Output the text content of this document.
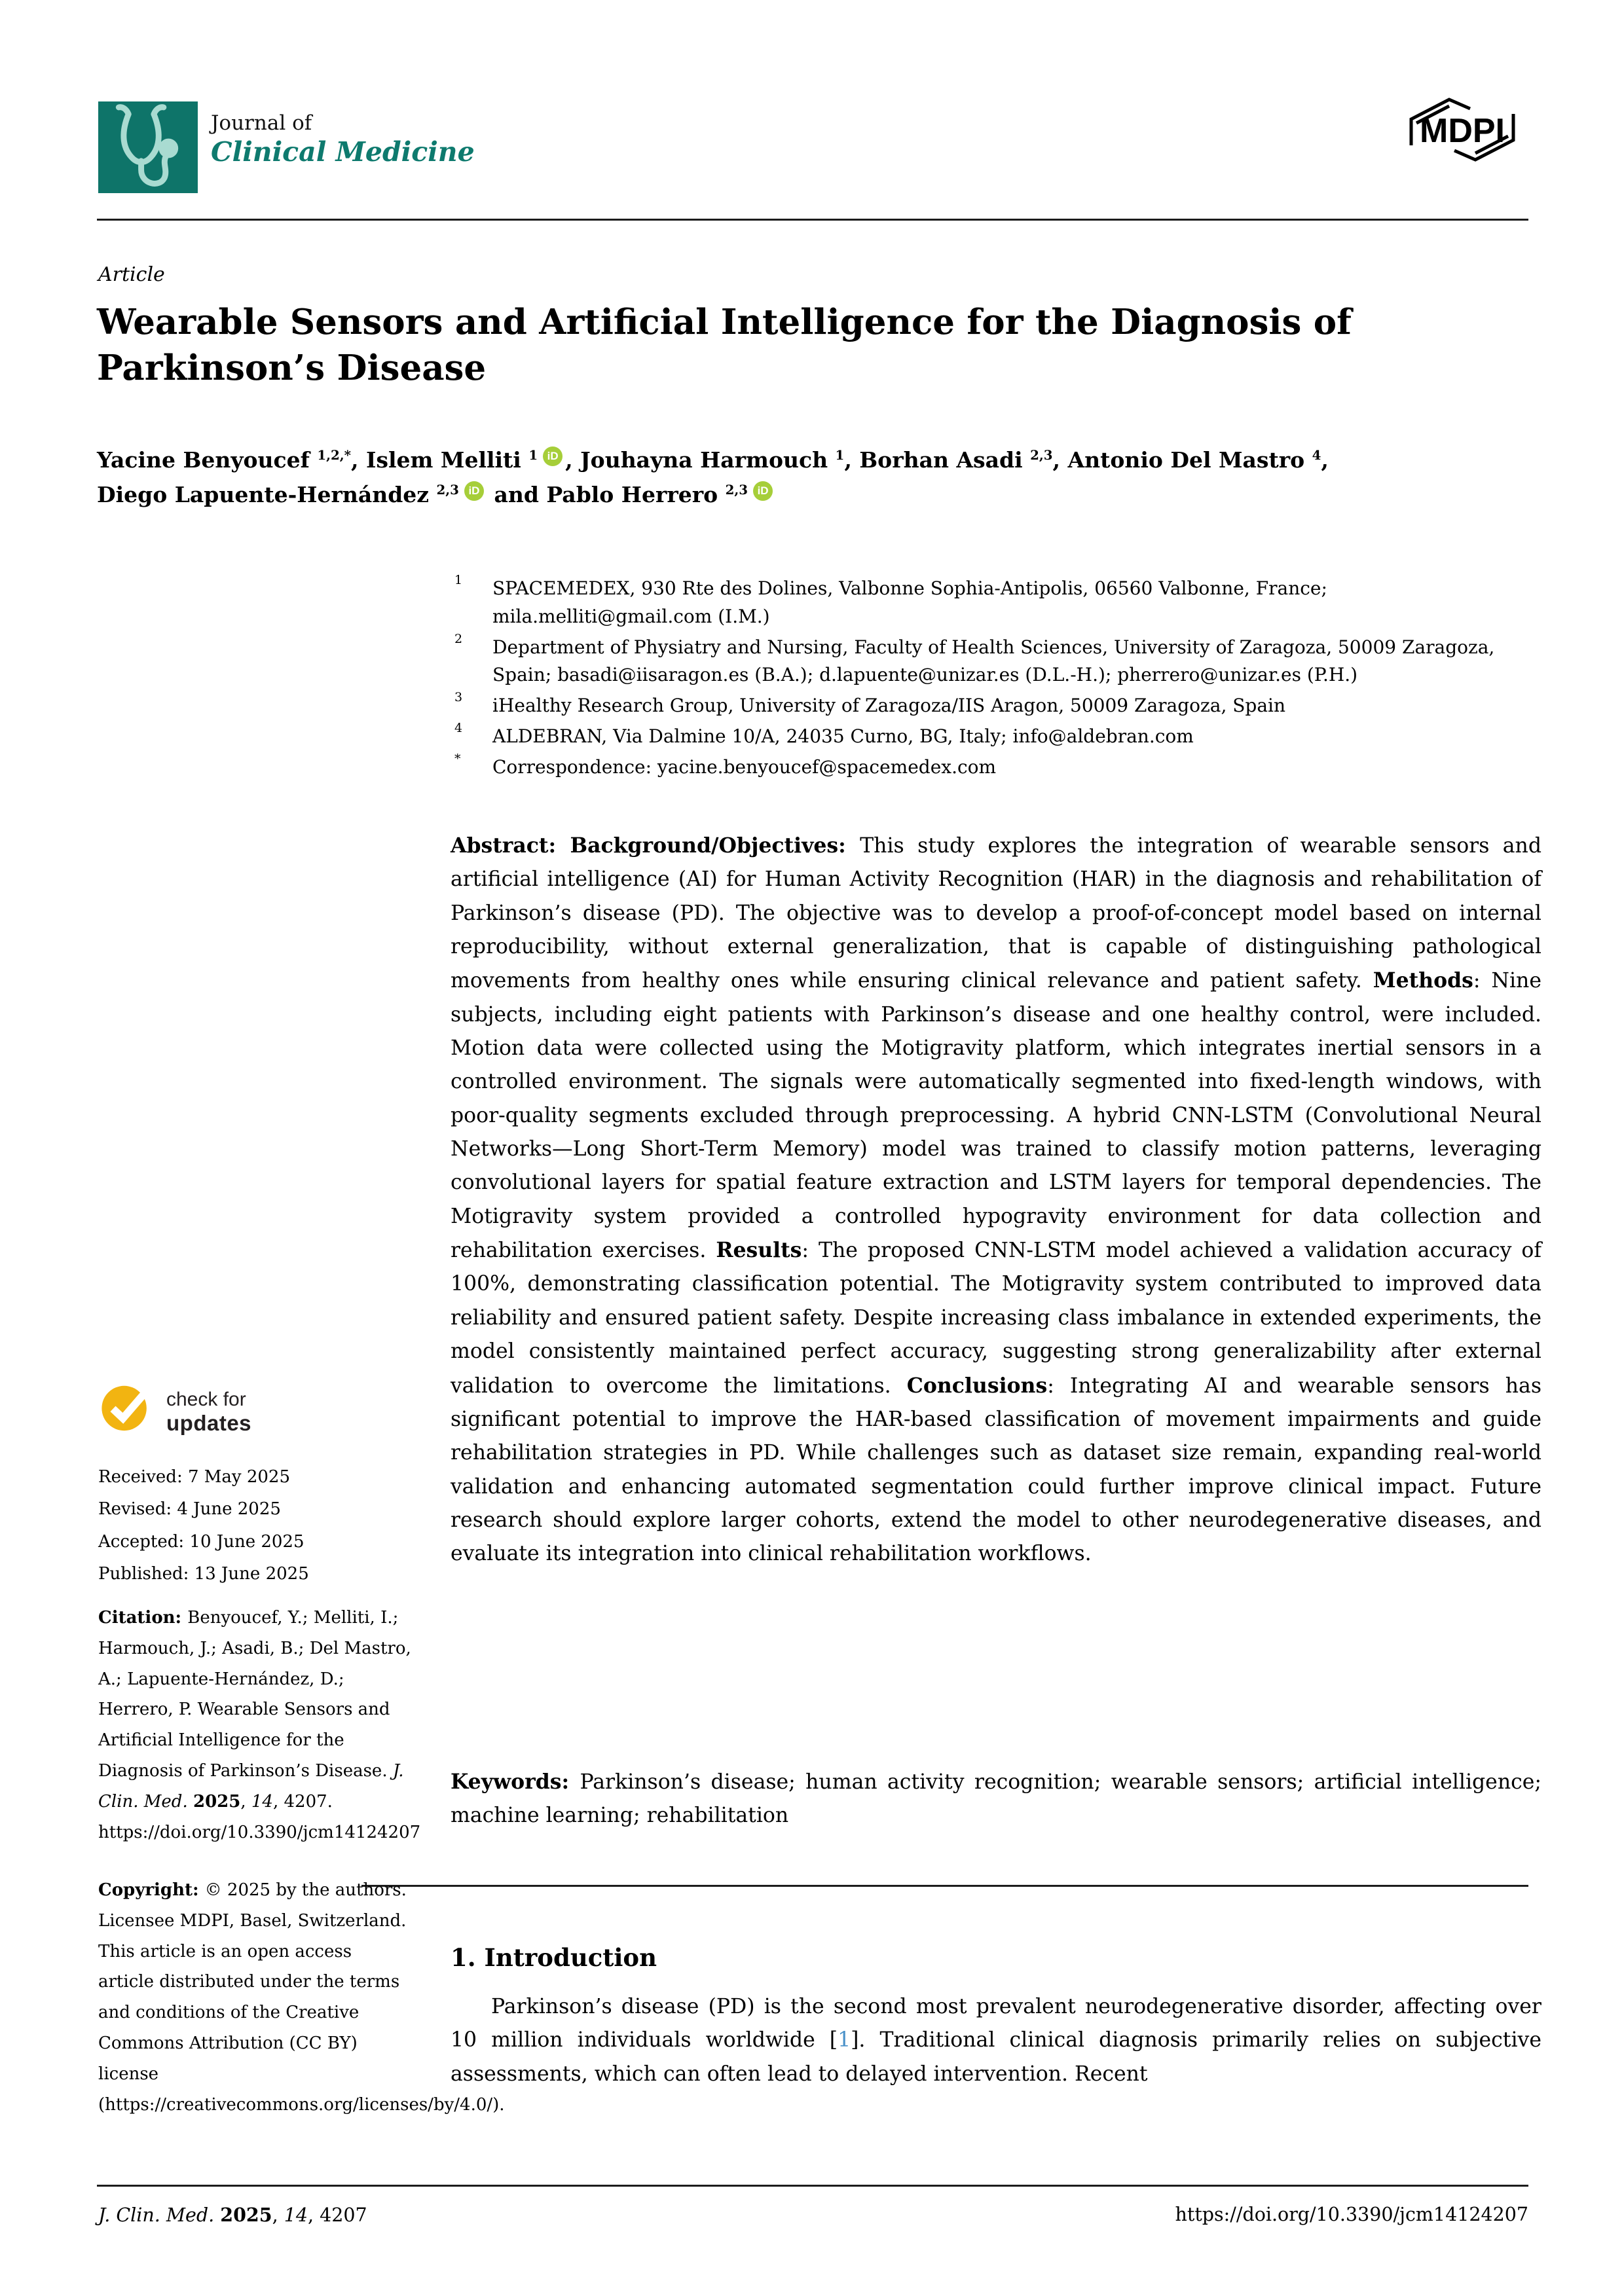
Journal of
Clinical Medicine
MDPI
Article
Wearable Sensors and Artificial Intelligence for the Diagnosis of
Parkinson’s Disease
Yacine Benyoucef $^{1,2,*}$, Islem Melliti $^1$ iD , Jouhayna Harmouch $^1$, Borhan Asadi $^{2,3}$, Antonio Del Mastro $^4$,
Diego Lapuente-Hernández $^{2,3}$ iD and Pablo Herrero $^{2,3}$ iD
1 SPACEMEDEX, 930 Rte des Dolines, Valbonne Sophia-Antipolis, 06560 Valbonne, France; mila.melliti@gmail.com (I.M.)
2 Department of Physiatry and Nursing, Faculty of Health Sciences, University of Zaragoza, 50009 Zaragoza, Spain; basadi@iisaragon.es (B.A.); d.lapuente@unizar.es (D.L.-H.); pherrero@unizar.es (P.H.)
3 iHealthy Research Group, University of Zaragoza/IIS Aragon, 50009 Zaragoza, Spain
4 ALDEBRAN, Via Dalmine 10/A, 24035 Curno, BG, Italy; info@aldebran.com
* Correspondence: yacine.benyoucef@spacemedex.com
Abstract: Background/Objectives: This study explores the integration of wearable sensors and artificial intelligence (AI) for Human Activity Recognition (HAR) in the diagnosis and rehabilitation of Parkinson’s disease (PD). The objective was to develop a proof-of-concept model based on internal reproducibility, without external generalization, that is capable of distinguishing pathological movements from healthy ones while ensuring clinical relevance and patient safety. Methods: Nine subjects, including eight patients with Parkinson’s disease and one healthy control, were included. Motion data were collected using the Motigravity platform, which integrates inertial sensors in a controlled environment. The signals were automatically segmented into fixed-length windows, with poor-quality segments excluded through preprocessing. A hybrid CNN-LSTM (Convolutional Neural Networks—Long Short-Term Memory) model was trained to classify motion patterns, leveraging convolutional layers for spatial feature extraction and LSTM layers for temporal dependencies. The Motigravity system provided a controlled hypogravity environment for data collection and rehabilitation exercises. Results: The proposed CNN-LSTM model achieved a validation accuracy of 100%, demonstrating classification potential. The Motigravity system contributed to improved data reliability and ensured patient safety. Despite increasing class imbalance in extended experiments, the model consistently maintained perfect accuracy, suggesting strong generalizability after external validation to overcome the limitations. Conclusions: Integrating AI and wearable sensors has significant potential to improve the HAR-based classification of movement impairments and guide rehabilitation strategies in PD. While challenges such as dataset size remain, expanding real-world validation and enhancing automated segmentation could further improve clinical impact. Future research should explore larger cohorts, extend the model to other neurodegenerative diseases, and evaluate its integration into clinical rehabilitation workflows.
Keywords: Parkinson’s disease; human activity recognition; wearable sensors; artificial intelligence; machine learning; rehabilitation
check for
updates
Received: 7 May 2025
Revised: 4 June 2025
Accepted: 10 June 2025
Published: 13 June 2025
Citation: Benyoucef, Y.; Melliti, I.; Harmouch, J.; Asadi, B.; Del Mastro, A.; Lapuente-Hernández, D.; Herrero, P. Wearable Sensors and Artificial Intelligence for the Diagnosis of Parkinson’s Disease. J. Clin. Med. 2025, 14, 4207. https://doi.org/10.3390/jcm14124207
Copyright: © 2025 by the authors. Licensee MDPI, Basel, Switzerland. This article is an open access article distributed under the terms and conditions of the Creative Commons Attribution (CC BY) license (https://creativecommons.org/licenses/by/4.0/).
1. Introduction
Parkinson’s disease (PD) is the second most prevalent neurodegenerative disorder, affecting over 10 million individuals worldwide [1]. Traditional clinical diagnosis primarily relies on subjective assessments, which can often lead to delayed intervention. Recent
J. Clin. Med. 2025, 14, 4207	https://doi.org/10.3390/jcm14124207
